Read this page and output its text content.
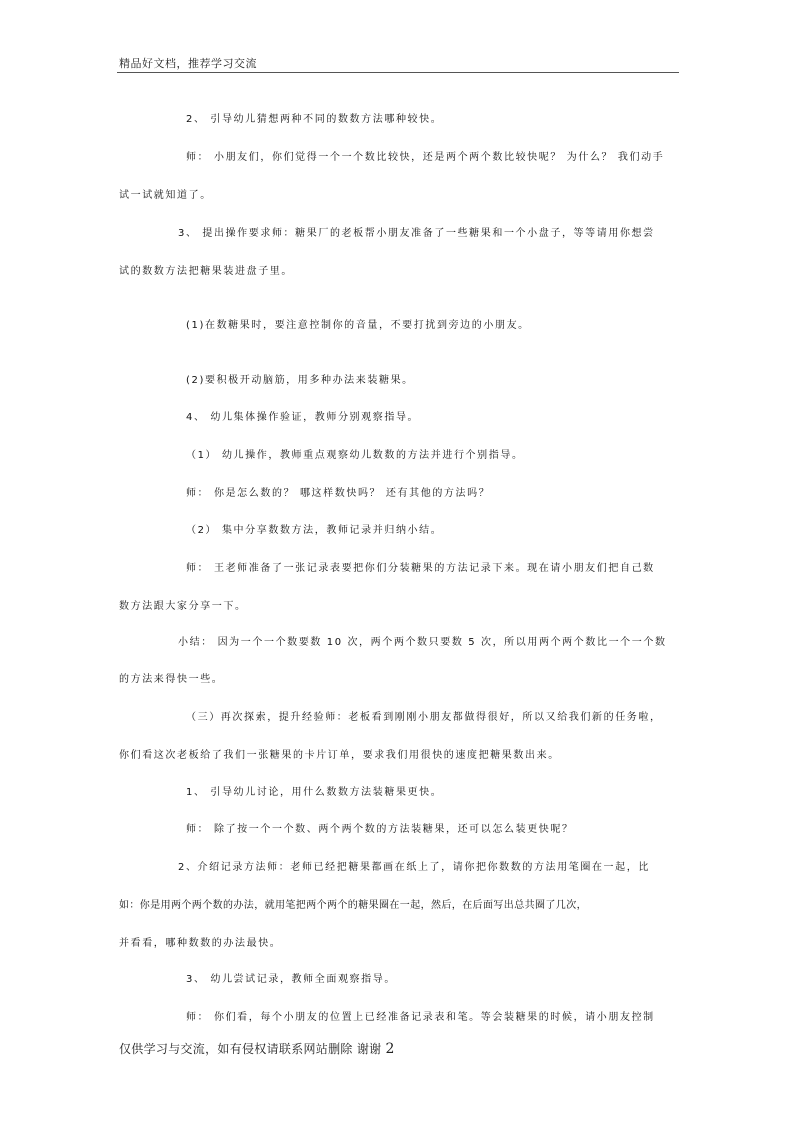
精品好文档，推荐学习交流
2、 引导幼儿猜想两种不同的数数方法哪种较快。
师： 小朋友们，你们觉得一个一个数比较快，还是两个两个数比较快呢？ 为什么？ 我们动手
试一试就知道了。
3、 提出操作要求师：糖果厂的老板帮小朋友准备了一些糖果和一个小盘子，等等请用你想尝
试的数数方法把糖果装进盘子里。
(1)在数糖果时，要注意控制你的音量，不要打扰到旁边的小朋友。
(2)要积极开动脑筋，用多种办法来装糖果。
4、 幼儿集体操作验证，教师分别观察指导。
（1） 幼儿操作，教师重点观察幼儿数数的方法并进行个别指导。
师： 你是怎么数的？ 哪这样数快吗？ 还有其他的方法吗？
（2） 集中分享数数方法，教师记录并归纳小结。
师： 王老师准备了一张记录表要把你们分装糖果的方法记录下来。现在请小朋友们把自己数
数方法跟大家分享一下。
小结： 因为一个一个数要数 10 次，两个两个数只要数 5 次，所以用两个两个数比一个一个数
的方法来得快一些。
（三）再次探索，提升经验师：老板看到刚刚小朋友都做得很好，所以又给我们新的任务啦，
你们看这次老板给了我们一张糖果的卡片订单，要求我们用很快的速度把糖果数出来。
1、 引导幼儿讨论，用什么数数方法装糖果更快。
师： 除了按一个一个数、两个两个数的方法装糖果，还可以怎么装更快呢？
2、介绍记录方法师：老师已经把糖果都画在纸上了，请你把你数数的方法用笔圈在一起，比
如：你是用两个两个数的办法，就用笔把两个两个的糖果圈在一起，然后，在后面写出总共圈了几次，
并看看，哪种数数的办法最快。
3、 幼儿尝试记录，教师全面观察指导。
师： 你们看，每个小朋友的位置上已经准备记录表和笔。等会装糖果的时候，请小朋友控制
仅供学习与交流，如有侵权请联系网站删除 谢谢 2
